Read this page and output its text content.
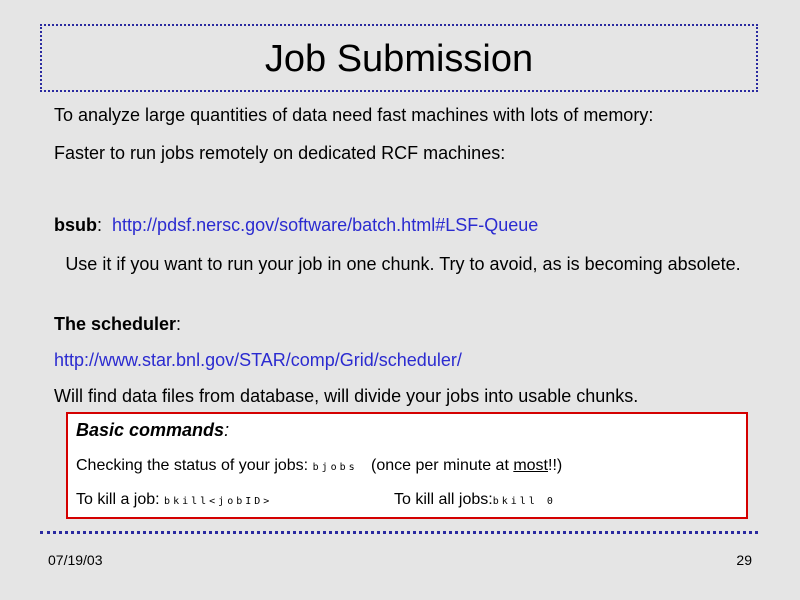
Job Submission
To analyze large quantities of data need fast machines with lots of memory:
Faster to run jobs remotely on dedicated RCF machines:
bsub: http://pdsf.nersc.gov/software/batch.html#LSF-Queue
Use it if you want to run your job in one chunk. Try to avoid, as is becoming absolete.
The scheduler:
http://www.star.bnl.gov/STAR/comp/Grid/scheduler/
Will find data files from database, will divide your jobs into usable chunks.
Basic commands:
Checking the status of your jobs: bjobs (once per minute at most!!)
To kill a job: bkill<jobID>	To kill all jobs:bkill 0
07/19/03	29
